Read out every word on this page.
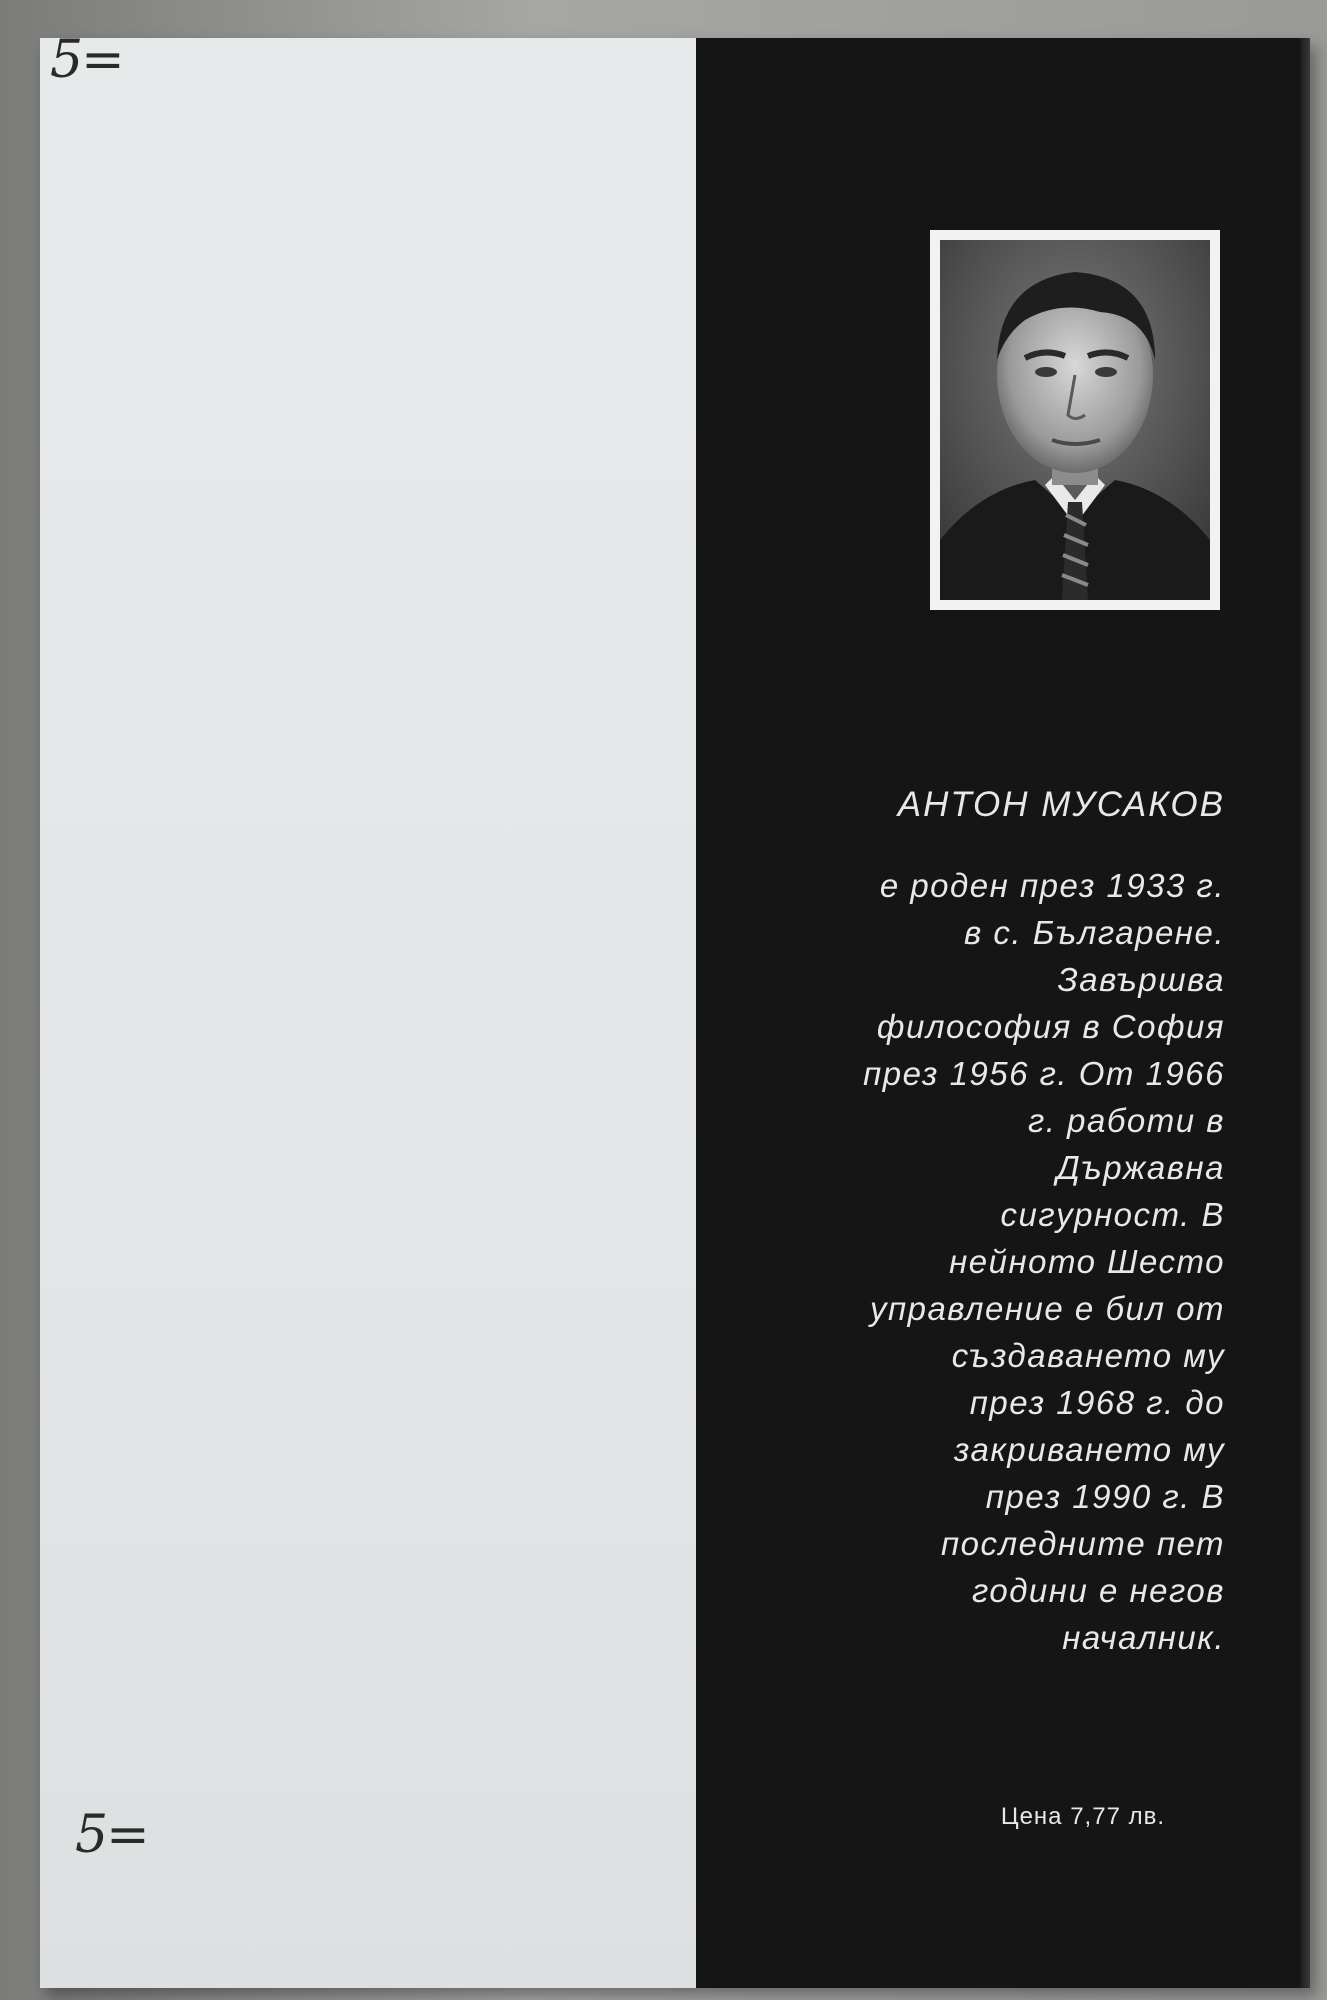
5=
5=
АНТОН МУСАКОВ
е роден през 1933 г.
в с. Българене.
Завършва
философия в София
през 1956 г. От 1966
г. работи в
Държавна
сигурност. В
нейното Шесто
управление е бил от
създаването му
през 1968 г. до
закриването му
през 1990 г. В
последните пет
години е негов
началник.
Цена 7,77 лв.
